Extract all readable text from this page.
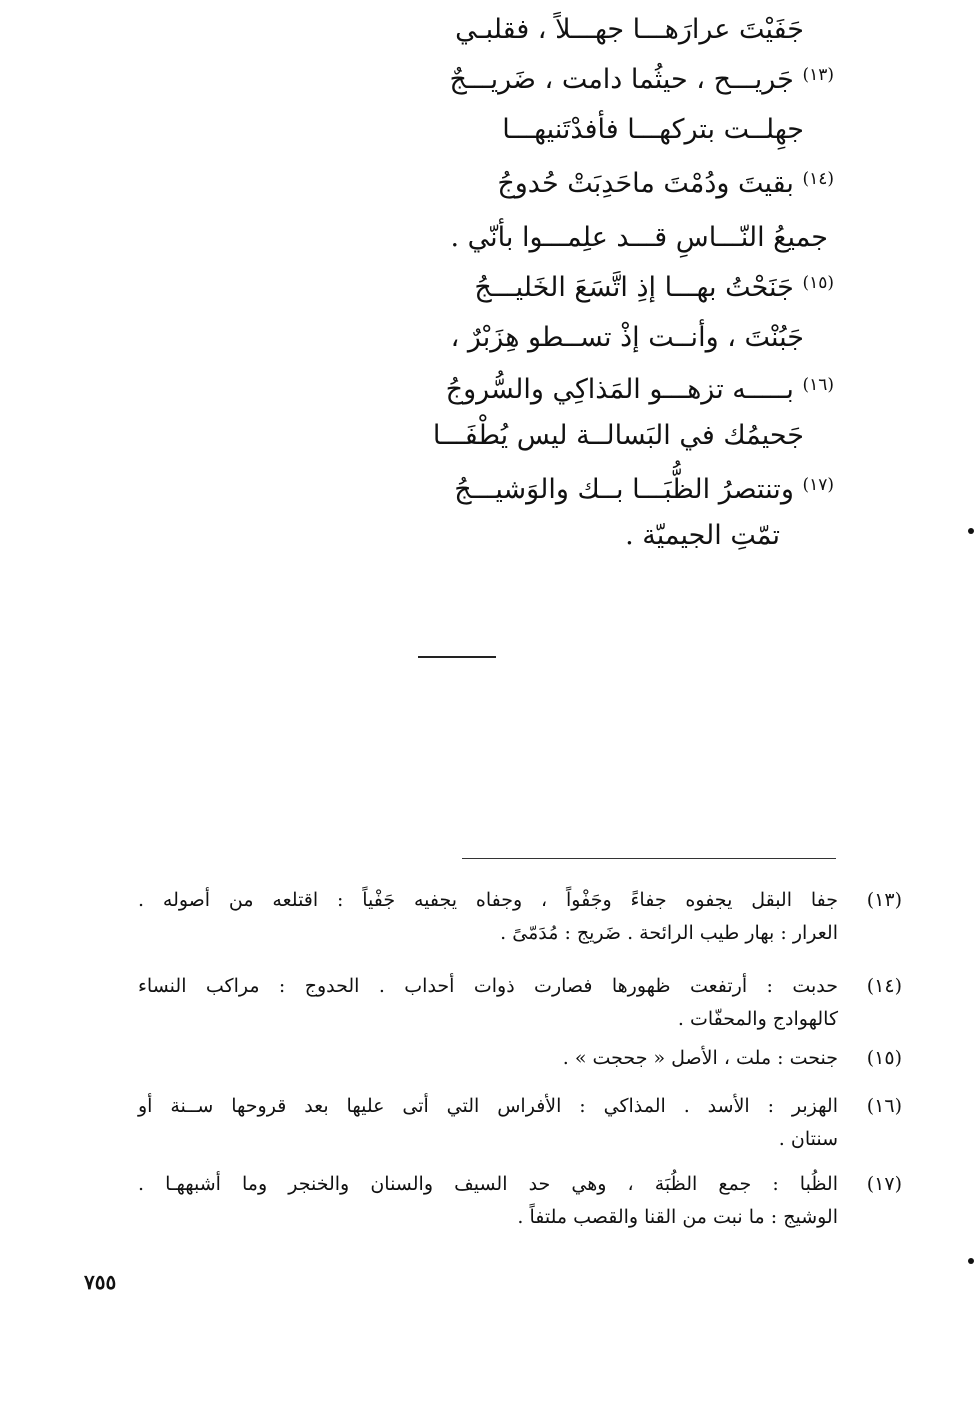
جَفَيْتَ عرارَهـــا جهـــلاً ، فقلبـي
$^{(١٣)}$ جَريـــح ، حيثُما دامت ، ضَريـــجٌ
جهِلــت بتركهـــا فأفدْتَنيهـــا
$^{(١٤)}$ بقيتَ ودُمْتَ ماحَدِبَتْ حُدوجُ
جميعُ النّـــاسِ قـــد علِمـــوا بأنّي .
$^{(١٥)}$ جَنَحْتُ بهـــا إذِ اتَّسَعَ الخَليـــجُ
جَبُنْتَ ، وأنــت إذْ تســطو هِزَبْرٌ ،
$^{(١٦)}$ بـــــه تزهـــو المَذاكِي والسُّروجُ
جَحيمُك في البَسالــة ليس يُطْفَـــا
$^{(١٧)}$ وتنتصرُ الظُّبَـــا بــك والوَشيـــجُ
تمّتِ الجيميّة .
(١٣)
جفا البقل يجفوه جفاءً وجَفْواً ، وجفاه يجفيه جَفْياً : اقتلعه من أصوله .
العرار : بهار طيب الرائحة . ضَريج : مُدَمّىً .
(١٤)
حدبت : أرتفعت ظهورها فصارت ذوات أحداب . الحدوج : مراكب النساء
كالهوادج والمحفّات .
(١٥)
جنحت : ملت ، الأصل « جحجت » .
(١٦)
الهزبر : الأسد . المذاكي : الأفراس التي أتى عليها بعد قروحها ســنة أو
سنتان .
(١٧)
الظُبا : جمع الظُبَة ، وهي حد السيف والسنان والخنجر وما أشبههـا .
الوشيج : ما نبت من القنا والقصب ملتفاً .
٧٥٥
